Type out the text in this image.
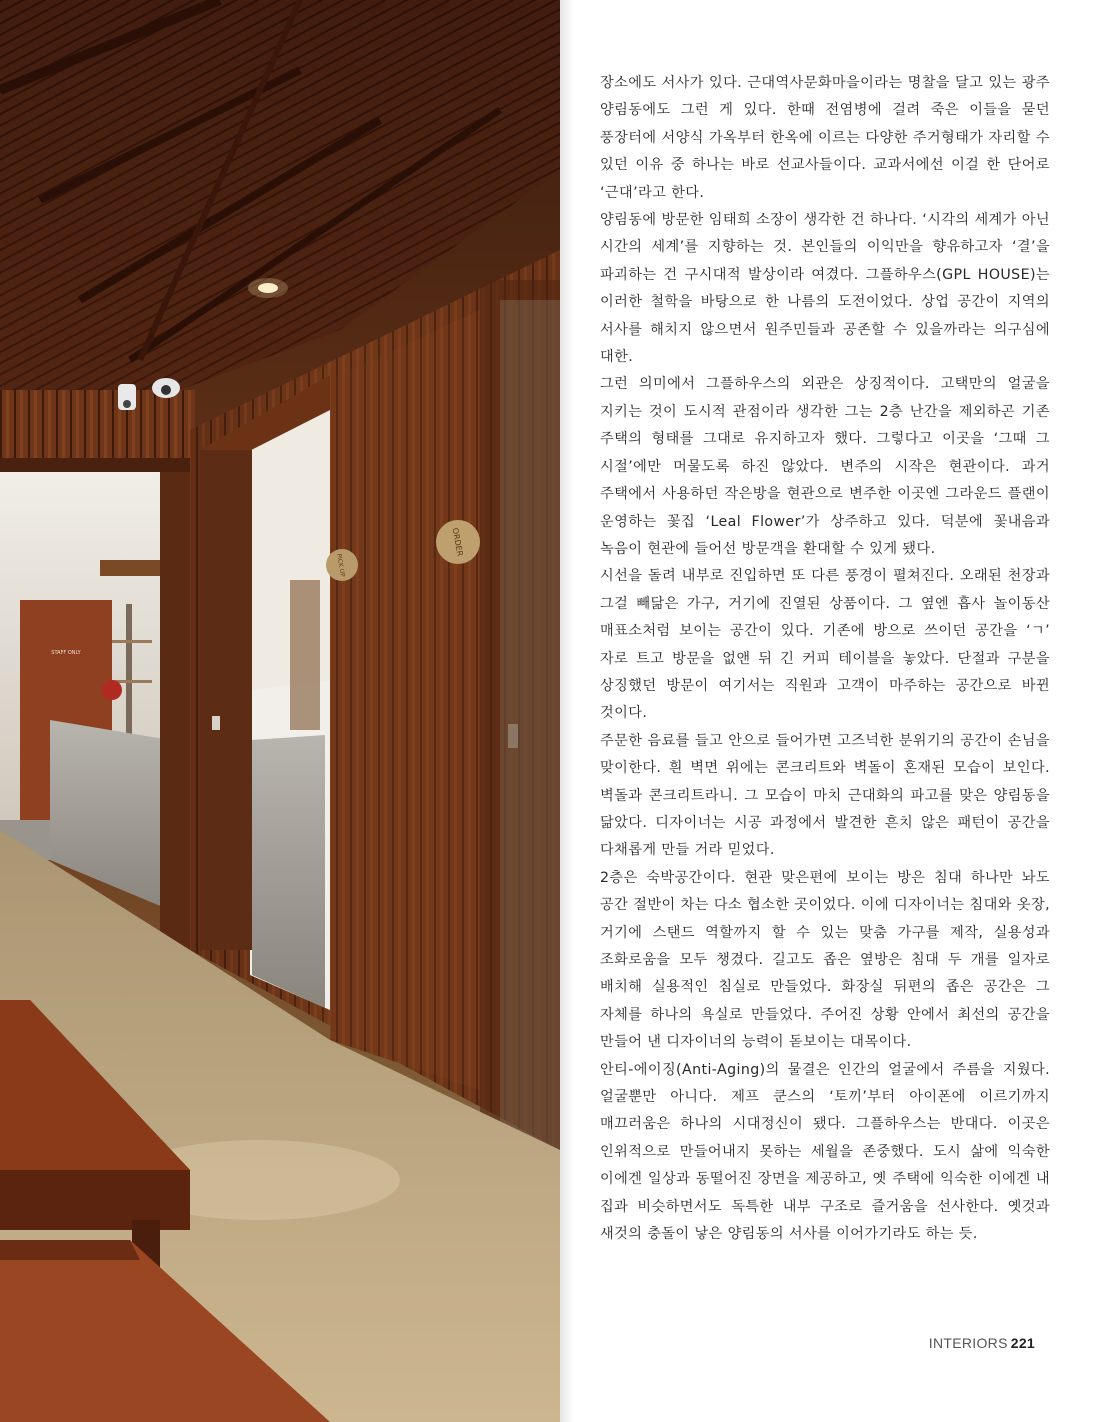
STAFF ONLY
PICK UP
ORDER

장소에도 서사가 있다. 근대역사문화마을이라는 명찰을 달고 있는 광주 양림동에도 그런 게 있다. 한때 전염병에 걸려 죽은 이들을 묻던 풍장터에 서양식 가옥부터 한옥에 이르는 다양한 주거형태가 자리할 수 있던 이유 중 하나는 바로 선교사들이다. 교과서에선 이걸 한 단어로 ‘근대’라고 한다.

양림동에 방문한 임태희 소장이 생각한 건 하나다. ‘시각의 세계가 아닌 시간의 세계’를 지향하는 것. 본인들의 이익만을 향유하고자 ‘결’을 파괴하는 건 구시대적 발상이라 여겼다. 그플하우스(GPL HOUSE)는 이러한 철학을 바탕으로 한 나름의 도전이었다. 상업 공간이 지역의 서사를 해치지 않으면서 원주민들과 공존할 수 있을까라는 의구심에 대한.

그런 의미에서 그플하우스의 외관은 상징적이다. 고택만의 얼굴을 지키는 것이 도시적 관점이라 생각한 그는 2층 난간을 제외하곤 기존 주택의 형태를 그대로 유지하고자 했다. 그렇다고 이곳을 ‘그때 그 시절’에만 머물도록 하진 않았다. 변주의 시작은 현관이다. 과거 주택에서 사용하던 작은방을 현관으로 변주한 이곳엔 그라운드 플랜이 운영하는 꽃집 ‘Leal Flower’가 상주하고 있다. 덕분에 꽃내음과 녹음이 현관에 들어선 방문객을 환대할 수 있게 됐다.

시선을 돌려 내부로 진입하면 또 다른 풍경이 펼쳐진다. 오래된 천장과 그걸 빼닮은 가구, 거기에 진열된 상품이다. 그 옆엔 흡사 놀이동산 매표소처럼 보이는 공간이 있다. 기존에 방으로 쓰이던 공간을 ‘ㄱ’ 자로 트고 방문을 없앤 뒤 긴 커피 테이블을 놓았다. 단절과 구분을 상징했던 방문이 여기서는 직원과 고객이 마주하는 공간으로 바뀐 것이다.

주문한 음료를 들고 안으로 들어가면 고즈넉한 분위기의 공간이 손님을 맞이한다. 흰 벽면 위에는 콘크리트와 벽돌이 혼재된 모습이 보인다. 벽돌과 콘크리트라니. 그 모습이 마치 근대화의 파고를 맞은 양림동을 닮았다. 디자이너는 시공 과정에서 발견한 흔치 않은 패턴이 공간을 다채롭게 만들 거라 믿었다.

2층은 숙박공간이다. 현관 맞은편에 보이는 방은 침대 하나만 놔도 공간 절반이 차는 다소 협소한 곳이었다. 이에 디자이너는 침대와 옷장, 거기에 스탠드 역할까지 할 수 있는 맞춤 가구를 제작, 실용성과 조화로움을 모두 챙겼다. 길고도 좁은 옆방은 침대 두 개를 일자로 배치해 실용적인 침실로 만들었다. 화장실 뒤편의 좁은 공간은 그 자체를 하나의 욕실로 만들었다. 주어진 상황 안에서 최선의 공간을 만들어 낸 디자이너의 능력이 돋보이는 대목이다.

안티-에이징(Anti-Aging)의 물결은 인간의 얼굴에서 주름을 지웠다. 얼굴뿐만 아니다. 제프 쿤스의 ‘토끼’부터 아이폰에 이르기까지 매끄러움은 하나의 시대정신이 됐다. 그플하우스는 반대다. 이곳은 인위적으로 만들어내지 못하는 세월을 존중했다. 도시 삶에 익숙한 이에겐 일상과 동떨어진 장면을 제공하고, 옛 주택에 익숙한 이에겐 내 집과 비슷하면서도 독특한 내부 구조로 즐거움을 선사한다. 옛것과 새것의 충돌이 낳은 양림동의 서사를 이어가기라도 하는 듯.

INTERIORS 221
